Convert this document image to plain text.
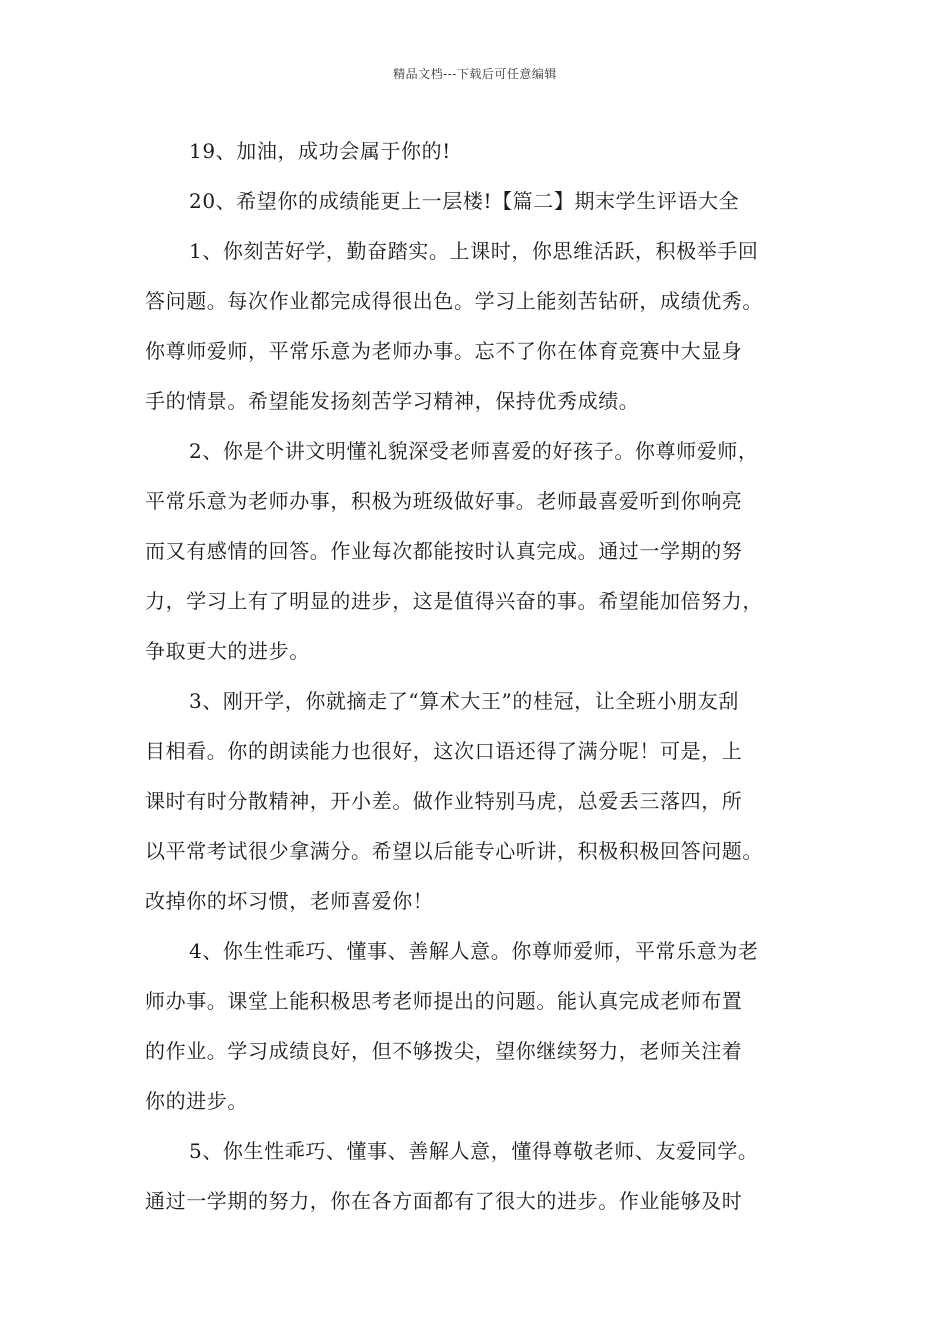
精品文档---下载后可任意编辑
19、加油，成功会属于你的!
20、希望你的成绩能更上一层楼!【篇二】期末学生评语大全
1、你刻苦好学，勤奋踏实。上课时，你思维活跃，积极举手回
答问题。每次作业都完成得很出色。学习上能刻苦钻研，成绩优秀。
你尊师爱师，平常乐意为老师办事。忘不了你在体育竞赛中大显身
手的情景。希望能发扬刻苦学习精神，保持优秀成绩。
2、你是个讲文明懂礼貌深受老师喜爱的好孩子。你尊师爱师，
平常乐意为老师办事，积极为班级做好事。老师最喜爱听到你响亮
而又有感情的回答。作业每次都能按时认真完成。通过一学期的努
力，学习上有了明显的进步，这是值得兴奋的事。希望能加倍努力，
争取更大的进步。
3、刚开学，你就摘走了“算术大王”的桂冠，让全班小朋友刮
目相看。你的朗读能力也很好，这次口语还得了满分呢！可是，上
课时有时分散精神，开小差。做作业特别马虎，总爱丢三落四，所
以平常考试很少拿满分。希望以后能专心听讲，积极积极回答问题。
改掉你的坏习惯，老师喜爱你！
4、你生性乖巧、懂事、善解人意。你尊师爱师，平常乐意为老
师办事。课堂上能积极思考老师提出的问题。能认真完成老师布置
的作业。学习成绩良好，但不够拨尖，望你继续努力，老师关注着
你的进步。
5、你生性乖巧、懂事、善解人意，懂得尊敬老师、友爱同学。
通过一学期的努力，你在各方面都有了很大的进步。作业能够及时
